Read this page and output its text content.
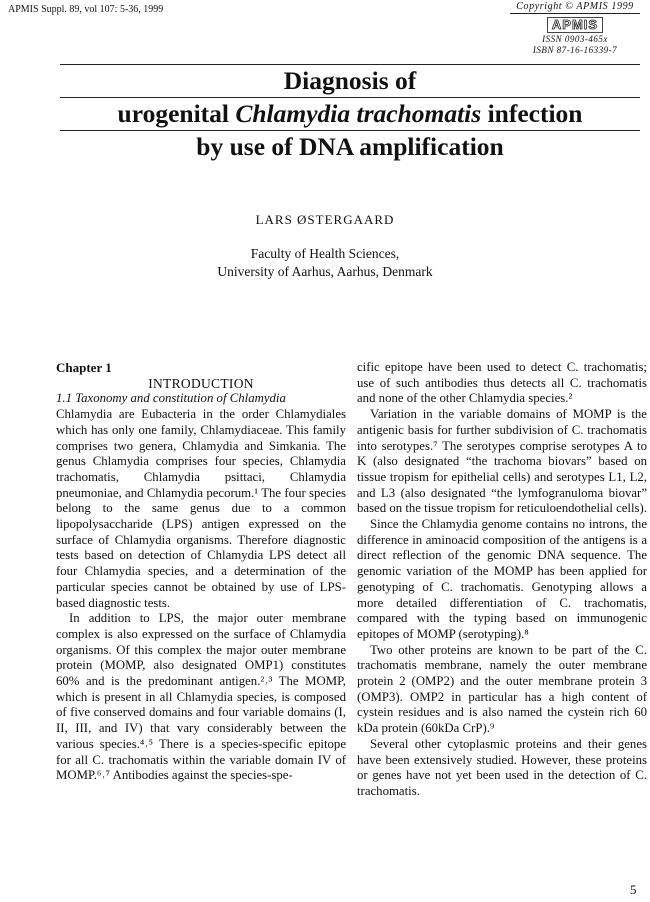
APMIS Suppl. 89, vol 107: 5-36, 1999	Copyright © APMIS 1999
APMIS
ISSN 0903-465x
ISBN 87-16-16339-7
Diagnosis of
urogenital Chlamydia trachomatis infection
by use of DNA amplification
LARS ØSTERGAARD
Faculty of Health Sciences,
University of Aarhus, Aarhus, Denmark

Chapter 1

INTRODUCTION

1.1 Taxonomy and constitution of Chlamydia

Chlamydia are Eubacteria in the order Chlamydiales which has only one family, Chlamydiaceae. This family comprises two genera, Chlamydia and Simkania. The genus Chlamydia comprises four species, Chlamydia trachomatis, Chlamydia psittaci, Chlamydia pneumoniae, and Chlamydia pecorum.¹ The four species belong to the same genus due to a common lipopolysaccharide (LPS) antigen expressed on the surface of Chlamydia organisms. Therefore diagnostic tests based on detection of Chlamydia LPS detect all four Chlamydia species, and a determination of the particular species cannot be obtained by use of LPS-based diagnostic tests.

In addition to LPS, the major outer membrane complex is also expressed on the surface of Chlamydia organisms. Of this complex the major outer membrane protein (MOMP, also designated OMP1) constitutes 60% and is the predominant antigen.²˒³ The MOMP, which is present in all Chlamydia species, is composed of five conserved domains and four variable domains (I, II, III, and IV) that vary considerably between the various species.⁴˒⁵ There is a species-specific epitope for all C. trachomatis within the variable domain IV of MOMP.⁶˒⁷ Antibodies against the species-spe-

cific epitope have been used to detect C. trachomatis; use of such antibodies thus detects all C. trachomatis and none of the other Chlamydia species.²

Variation in the variable domains of MOMP is the antigenic basis for further subdivision of C. trachomatis into serotypes.⁷ The serotypes comprise serotypes A to K (also designated “the trachoma biovars” based on tissue tropism for epithelial cells) and serotypes L1, L2, and L3 (also designated “the lymfogranuloma biovar” based on the tissue tropism for reticuloendothelial cells).

Since the Chlamydia genome contains no introns, the difference in aminoacid composition of the antigens is a direct reflection of the genomic DNA sequence. The genomic variation of the MOMP has been applied for genotyping of C. trachomatis. Genotyping allows a more detailed differentiation of C. trachomatis, compared with the typing based on immunogenic epitopes of MOMP (serotyping).⁸

Two other proteins are known to be part of the C. trachomatis membrane, namely the outer membrane protein 2 (OMP2) and the outer membrane protein 3 (OMP3). OMP2 in particular has a high content of cystein residues and is also named the cystein rich 60 kDa protein (60kDa CrP).⁹

Several other cytoplasmic proteins and their genes have been extensively studied. However, these proteins or genes have not yet been used in the detection of C. trachomatis.

5
